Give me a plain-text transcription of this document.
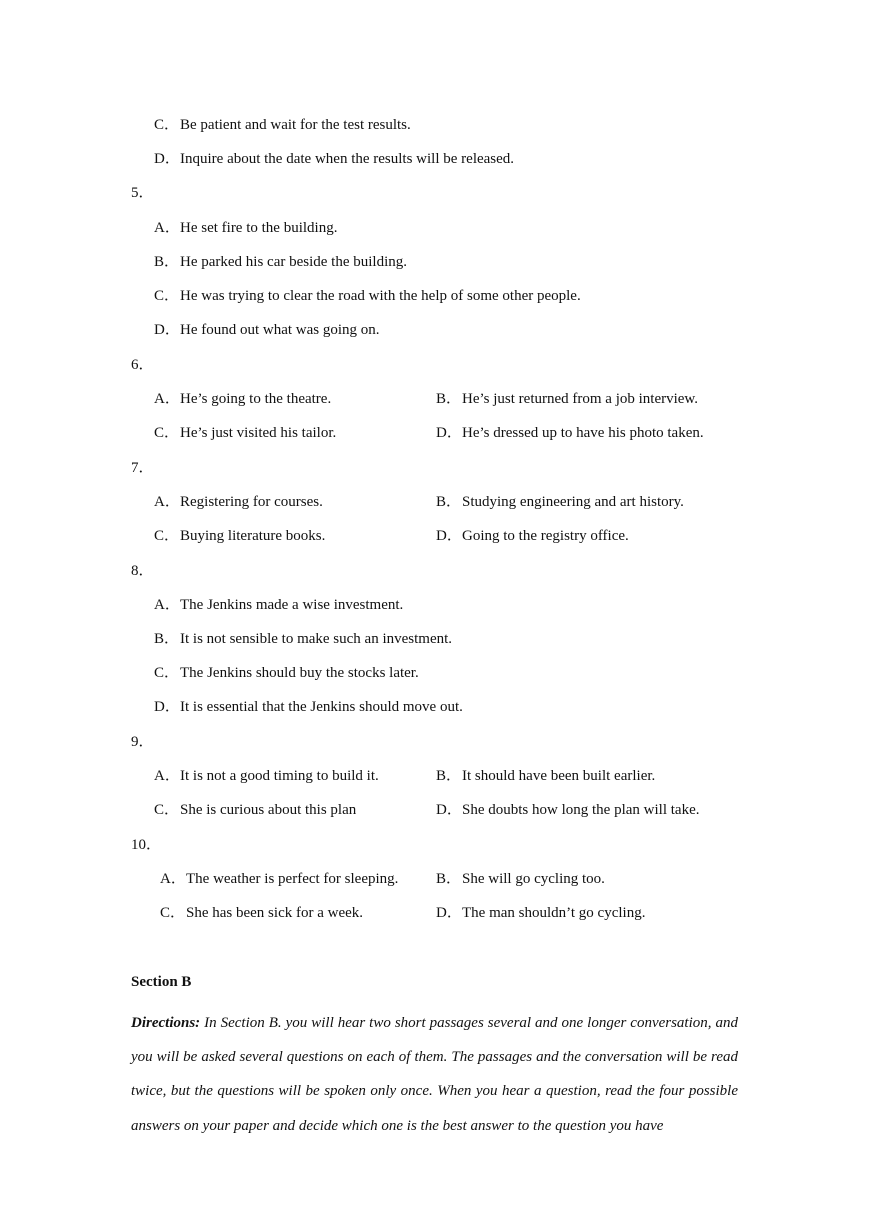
C．Be patient and wait for the test results.
D．Inquire about the date when the results will be released.
5．
A．He set fire to the building.
B．He parked his car beside the building.
C．He was trying to clear the road with the help of some other people.
D．He found out what was going on.
6．
A．He’s going to the theatre.	B．He’s just returned from a job interview.
C．He’s just visited his tailor.	D．He’s dressed up to have his photo taken.
7．
A．Registering for courses.	B．Studying engineering and art history.
C．Buying literature books.	D．Going to the registry office.
8．
A．The Jenkins made a wise investment.
B．It is not sensible to make such an investment.
C．The Jenkins should buy the stocks later.
D．It is essential that the Jenkins should move out.
9．
A．It is not a good timing to build it.	B．It should have been built earlier.
C．She is curious about this plan	D．She doubts how long the plan will take.
10．
A．The weather is perfect for sleeping.	B．She will go cycling too.
C．She has been sick for a week.	D．The man shouldn’t go cycling.
Section B
Directions: In Section B. you will hear two short passages several and one longer conversation, and you will be asked several questions on each of them. The passages and the conversation will be read twice, but the questions will be spoken only once. When you hear a question, read the four possible answers on your paper and decide which one is the best answer to the question you have
